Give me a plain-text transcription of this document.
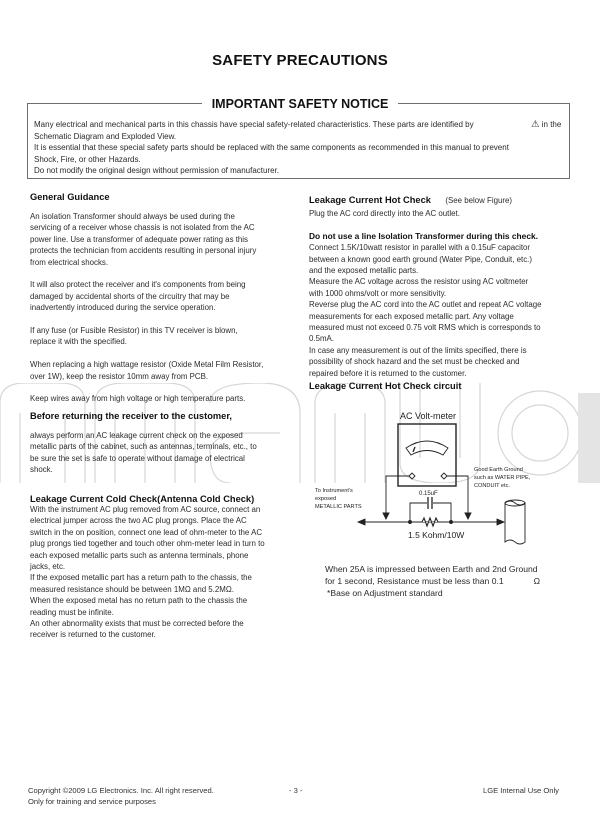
SAFETY PRECAUTIONS
IMPORTANT SAFETY NOTICE
Many electrical and mechanical parts in this chassis have special safety-related characteristics. These parts are identified by
Schematic Diagram and Exploded View.
It is essential that these special safety parts should be replaced with the same components as recommended in this manual to prevent
Shock, Fire, or other Hazards.
Do not modify the original design without permission of manufacturer.
⚠ in the
General Guidance

An isolation Transformer should always be used during the

servicing of a receiver whose chassis is not isolated from the AC

power line. Use a transformer of adequate power rating as this

protects the technician from accidents resulting in personal injury

from electrical shocks.

It will also protect the receiver and it's components from being

damaged by accidental shorts of the circuitry that may be

inadvertently introduced during the service operation.

If any fuse (or Fusible Resistor) in this TV receiver is blown,

replace it with the specified.

When replacing a high wattage resistor (Oxide Metal Film Resistor,

over 1W), keep the resistor 10mm away from PCB.

Keep wires away from high voltage or high temperature parts.

Before returning the receiver to the customer,

always perform an AC leakage current check on the exposed

metallic parts of the cabinet, such as antennas, terminals, etc., to

be sure the set is safe to operate without damage of electrical

shock.

Leakage Current Cold Check(Antenna Cold Check)

With the instrument AC plug removed from AC source, connect an

electrical jumper across the two AC plug prongs. Place the AC

switch in the on position, connect one lead of ohm-meter to the AC

plug prongs tied together and touch other ohm-meter lead in turn to

each exposed metallic parts such as antenna terminals, phone

jacks, etc.

If the exposed metallic part has a return path to the chassis, the

measured resistance should be between 1MΩ and 5.2MΩ.

When the exposed metal has no return path to the chassis the

reading must be infinite.

An other abnormality exists that must be corrected before the

receiver is returned to the customer.

Leakage Current Hot Check (See below Figure)

Plug the AC cord directly into the AC outlet.

Do not use a line Isolation Transformer during this check.

Connect 1.5K/10watt resistor in parallel with a 0.15uF capacitor

between a known good earth ground (Water Pipe, Conduit, etc.)

and the exposed metallic parts.

Measure the AC voltage across the resistor using AC voltmeter

with 1000 ohms/volt or more sensitivity.

Reverse plug the AC cord into the AC outlet and repeat AC voltage

measurements for each exposed metallic part. Any voltage

measured must not exceed 0.75 volt RMS which is corresponds to

0.5mA.

In case any measurement is out of the limits specified, there is

possibility of shock hazard and the set must be checked and

repaired before it is returned to the customer.

Leakage Current Hot Check circuit
AC Volt-meter
0.15uF
1.5 Kohm/10W
To Instrument's
exposed
METALLIC PARTS
Good Earth Ground
such as WATER PIPE,
CONDUIT etc.
When 25A is impressed between Earth and 2nd Ground
for 1 second, Resistance must be less than 0.1	Ω
*Base on Adjustment standard
Copyright ©2009 LG Electronics. Inc. All right reserved.
Only for training and service purposes
- 3 -	LGE Internal Use Only
